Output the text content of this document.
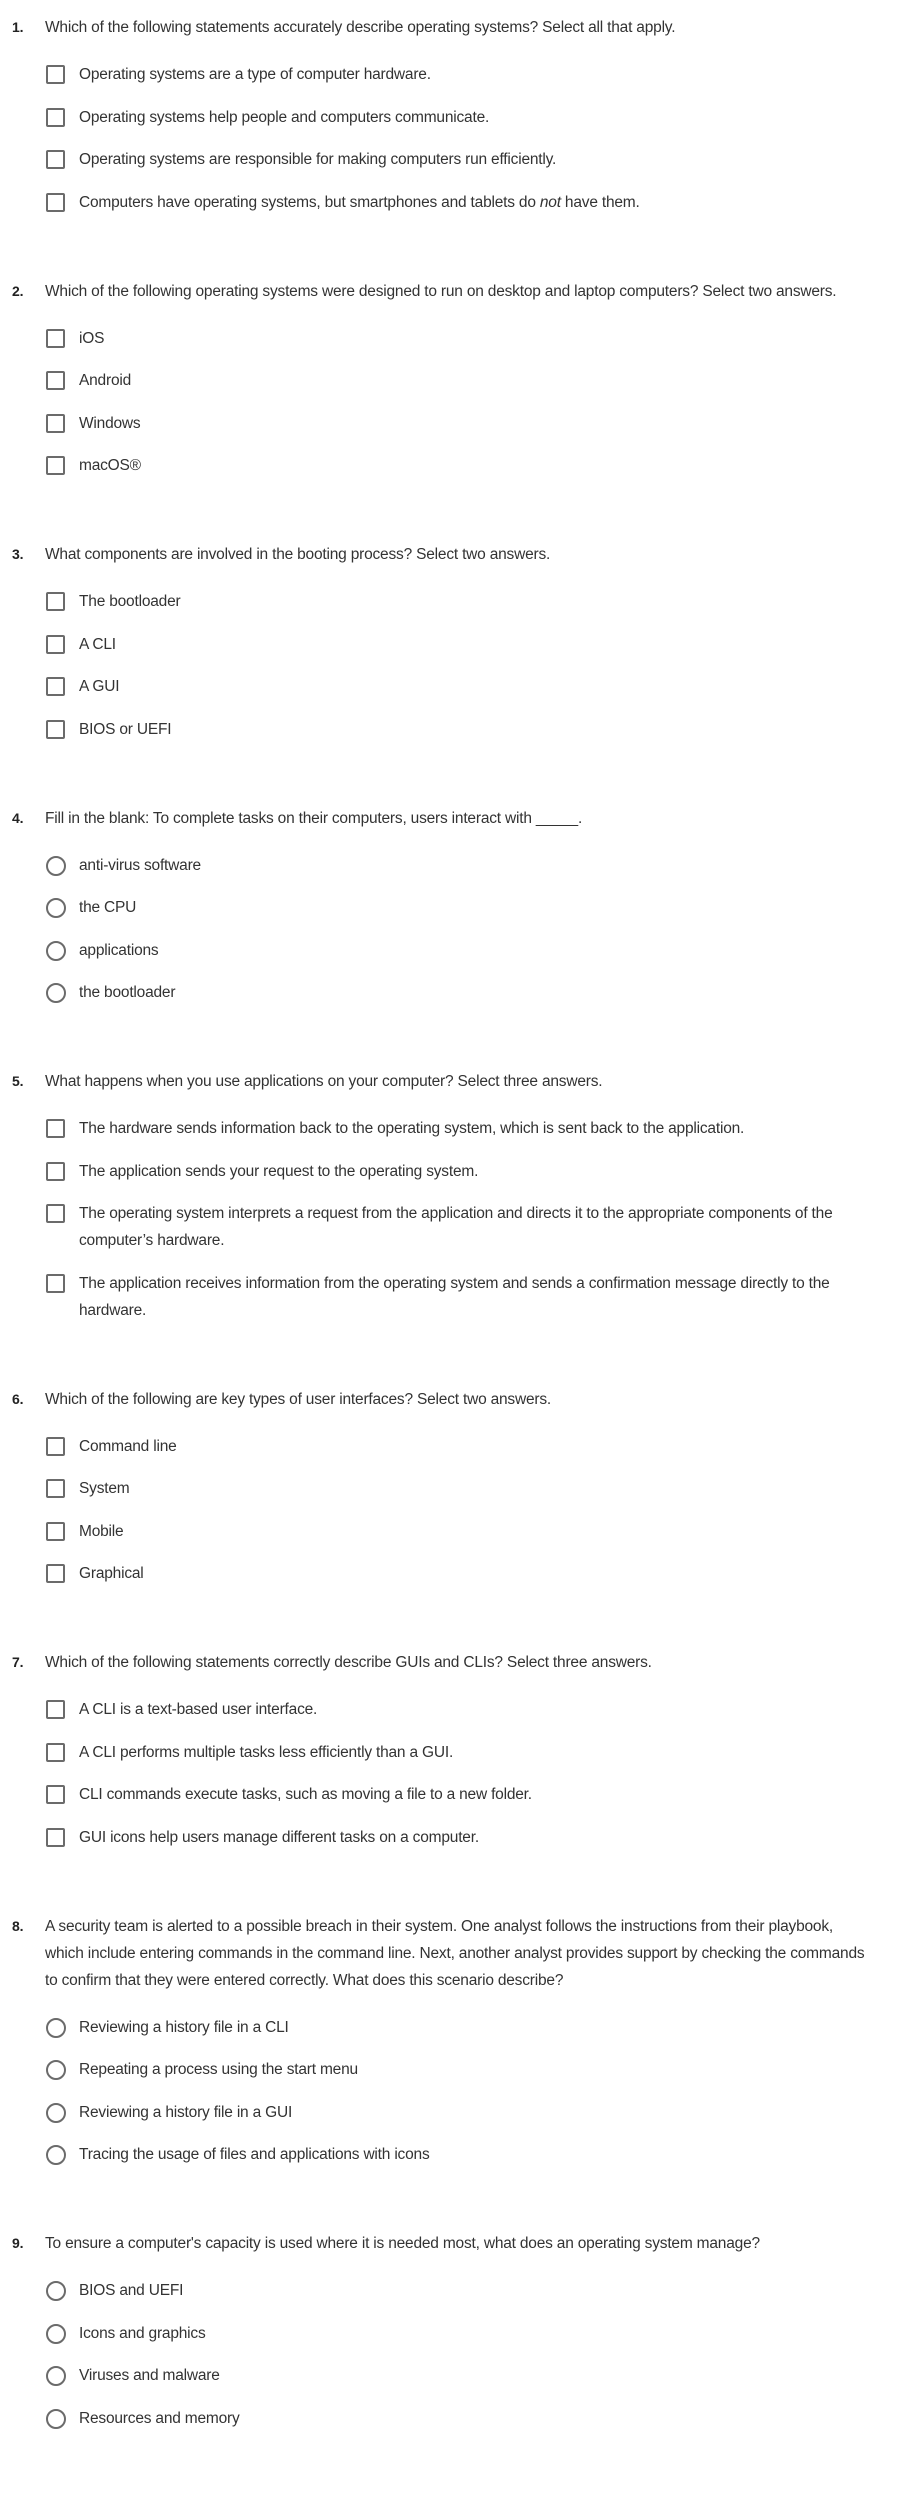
1. Which of the following statements accurately describe operating systems? Select all that apply.
Operating systems are a type of computer hardware.
Operating systems help people and computers communicate.
Operating systems are responsible for making computers run efficiently.
Computers have operating systems, but smartphones and tablets do not have them.
2. Which of the following operating systems were designed to run on desktop and laptop computers? Select two answers.
iOS
Android
Windows
macOS®
3. What components are involved in the booting process? Select two answers.
The bootloader
A CLI
A GUI
BIOS or UEFI
4. Fill in the blank: To complete tasks on their computers, users interact with _____.
anti-virus software
the CPU
applications
the bootloader
5. What happens when you use applications on your computer? Select three answers.
The hardware sends information back to the operating system, which is sent back to the application.
The application sends your request to the operating system.
The operating system interprets a request from the application and directs it to the appropriate components of the computer’s hardware.
The application receives information from the operating system and sends a confirmation message directly to the hardware.
6. Which of the following are key types of user interfaces? Select two answers.
Command line
System
Mobile
Graphical
7. Which of the following statements correctly describe GUIs and CLIs? Select three answers.
A CLI is a text-based user interface.
A CLI performs multiple tasks less efficiently than a GUI.
CLI commands execute tasks, such as moving a file to a new folder.
GUI icons help users manage different tasks on a computer.
8. A security team is alerted to a possible breach in their system. One analyst follows the instructions from their playbook, which include entering commands in the command line. Next, another analyst provides support by checking the commands to confirm that they were entered correctly. What does this scenario describe?
Reviewing a history file in a CLI
Repeating a process using the start menu
Reviewing a history file in a GUI
Tracing the usage of files and applications with icons
9. To ensure a computer's capacity is used where it is needed most, what does an operating system manage?
BIOS and UEFI
Icons and graphics
Viruses and malware
Resources and memory
